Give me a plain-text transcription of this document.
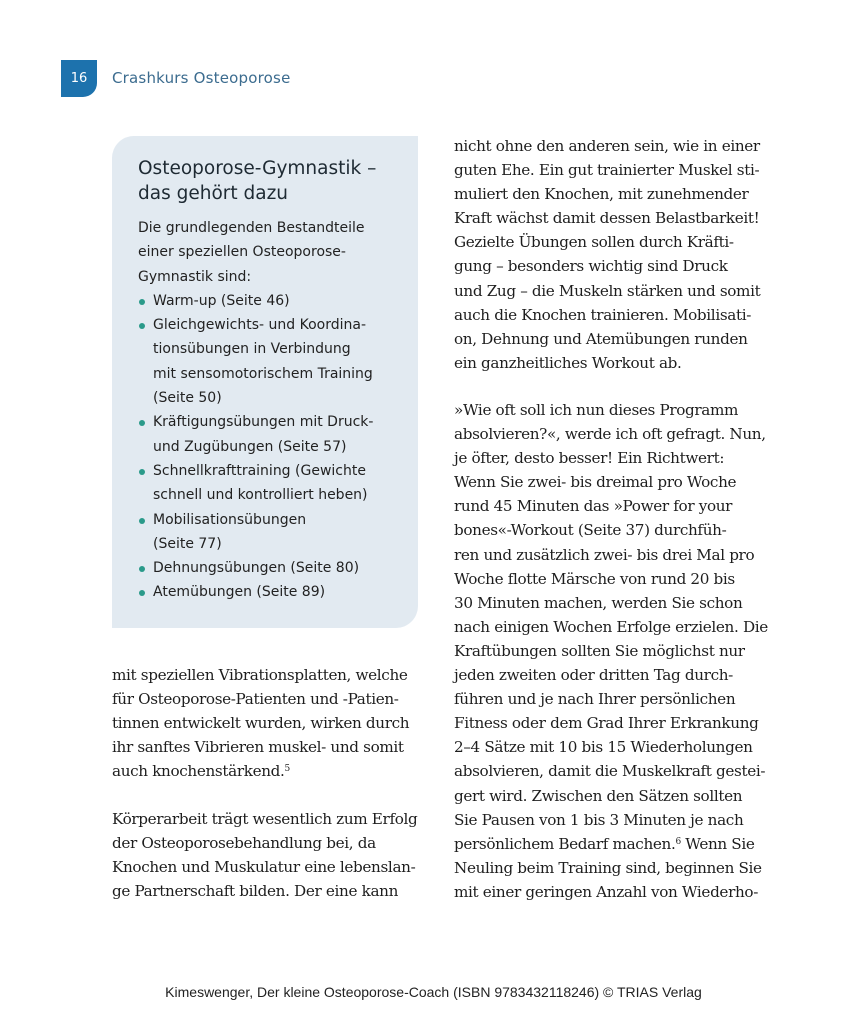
16 Crashkurs Osteoporose
Osteoporose-Gymnastik –
das gehört dazu

Die grundlegenden Bestandteile
einer speziellen Osteoporose-
Gymnastik sind:

Warm-up (Seite 46)
Gleichgewichts- und Koordina-
tionsübungen in Verbindung
mit sensomotorischem Training
(Seite 50)
Kräftigungsübungen mit Druck-
und Zugübungen (Seite 57)
Schnellkrafttraining (Gewichte
schnell und kontrolliert heben)
Mobilisationsübungen
(Seite 77)
Dehnungsübungen (Seite 80)
Atemübungen (Seite 89)

mit speziellen Vibrationsplatten, welche
für Osteoporose-Patienten und -Patien-
tinnen entwickelt wurden, wirken durch
ihr sanftes Vibrieren muskel- und somit
auch knochenstärkend.$^5$

Körperarbeit trägt wesentlich zum Erfolg
der Osteoporosebehandlung bei, da
Knochen und Muskulatur eine lebenslan-
ge Partnerschaft bilden. Der eine kann

nicht ohne den anderen sein, wie in einer
guten Ehe. Ein gut trainierter Muskel sti-
muliert den Knochen, mit zunehmender
Kraft wächst damit dessen Belastbarkeit!
Gezielte Übungen sollen durch Kräfti-
gung – besonders wichtig sind Druck
und Zug – die Muskeln stärken und somit
auch die Knochen trainieren. Mobilisati-
on, Dehnung und Atemübungen runden
ein ganzheitliches Workout ab.

»Wie oft soll ich nun dieses Programm
absolvieren?«, werde ich oft gefragt. Nun,
je öfter, desto besser! Ein Richtwert:
Wenn Sie zwei- bis dreimal pro Woche
rund 45 Minuten das »Power for your
bones«-Workout (Seite 37) durchfüh-
ren und zusätzlich zwei- bis drei Mal pro
Woche flotte Märsche von rund 20 bis
30 Minuten machen, werden Sie schon
nach einigen Wochen Erfolge erzielen. Die
Kraftübungen sollten Sie möglichst nur
jeden zweiten oder dritten Tag durch-
führen und je nach Ihrer persönlichen
Fitness oder dem Grad Ihrer Erkrankung
2–4 Sätze mit 10 bis 15 Wiederholungen
absolvieren, damit die Muskelkraft gestei-
gert wird. Zwischen den Sätzen sollten
Sie Pausen von 1 bis 3 Minuten je nach
persönlichem Bedarf machen.$^6$ Wenn Sie
Neuling beim Training sind, beginnen Sie
mit einer geringen Anzahl von Wiederho-

Kimeswenger, Der kleine Osteoporose-Coach (ISBN 9783432118246) © TRIAS Verlag
